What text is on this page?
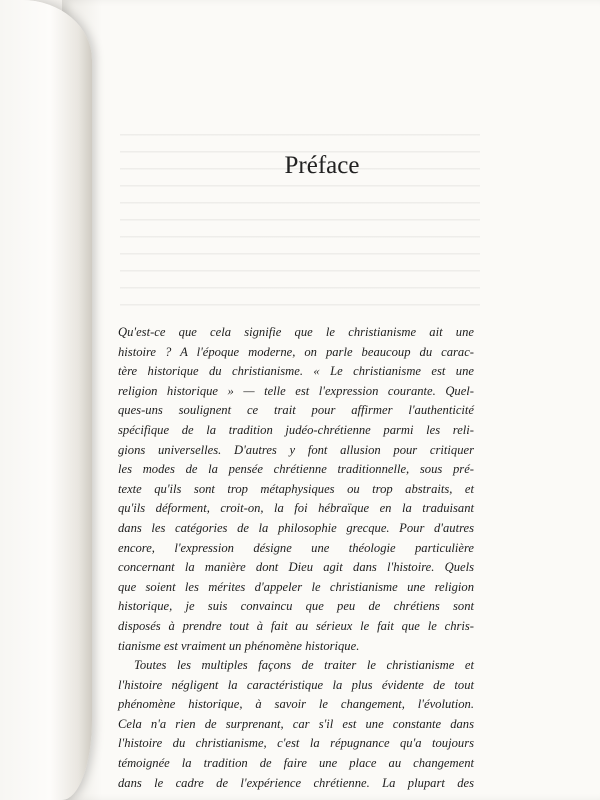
Préface
Qu'est-ce que cela signifie que le christianisme ait une
histoire ? A l'époque moderne, on parle beaucoup du carac-
tère historique du christianisme. « Le christianisme est une
religion historique » — telle est l'expression courante. Quel-
ques-uns soulignent ce trait pour affirmer l'authenticité
spécifique de la tradition judéo-chrétienne parmi les reli-
gions universelles. D'autres y font allusion pour critiquer
les modes de la pensée chrétienne traditionnelle, sous pré-
texte qu'ils sont trop métaphysiques ou trop abstraits, et
qu'ils déforment, croit-on, la foi hébraïque en la traduisant
dans les catégories de la philosophie grecque. Pour d'autres
encore, l'expression désigne une théologie particulière
concernant la manière dont Dieu agit dans l'histoire. Quels
que soient les mérites d'appeler le christianisme une religion
historique, je suis convaincu que peu de chrétiens sont
disposés à prendre tout à fait au sérieux le fait que le chris-
tianisme est vraiment un phénomène historique.
Toutes les multiples façons de traiter le christianisme et
l'histoire négligent la caractéristique la plus évidente de tout
phénomène historique, à savoir le changement, l'évolution.
Cela n'a rien de surprenant, car s'il est une constante dans
l'histoire du christianisme, c'est la répugnance qu'a toujours
témoignée la tradition de faire une place au changement
dans le cadre de l'expérience chrétienne. La plupart des
